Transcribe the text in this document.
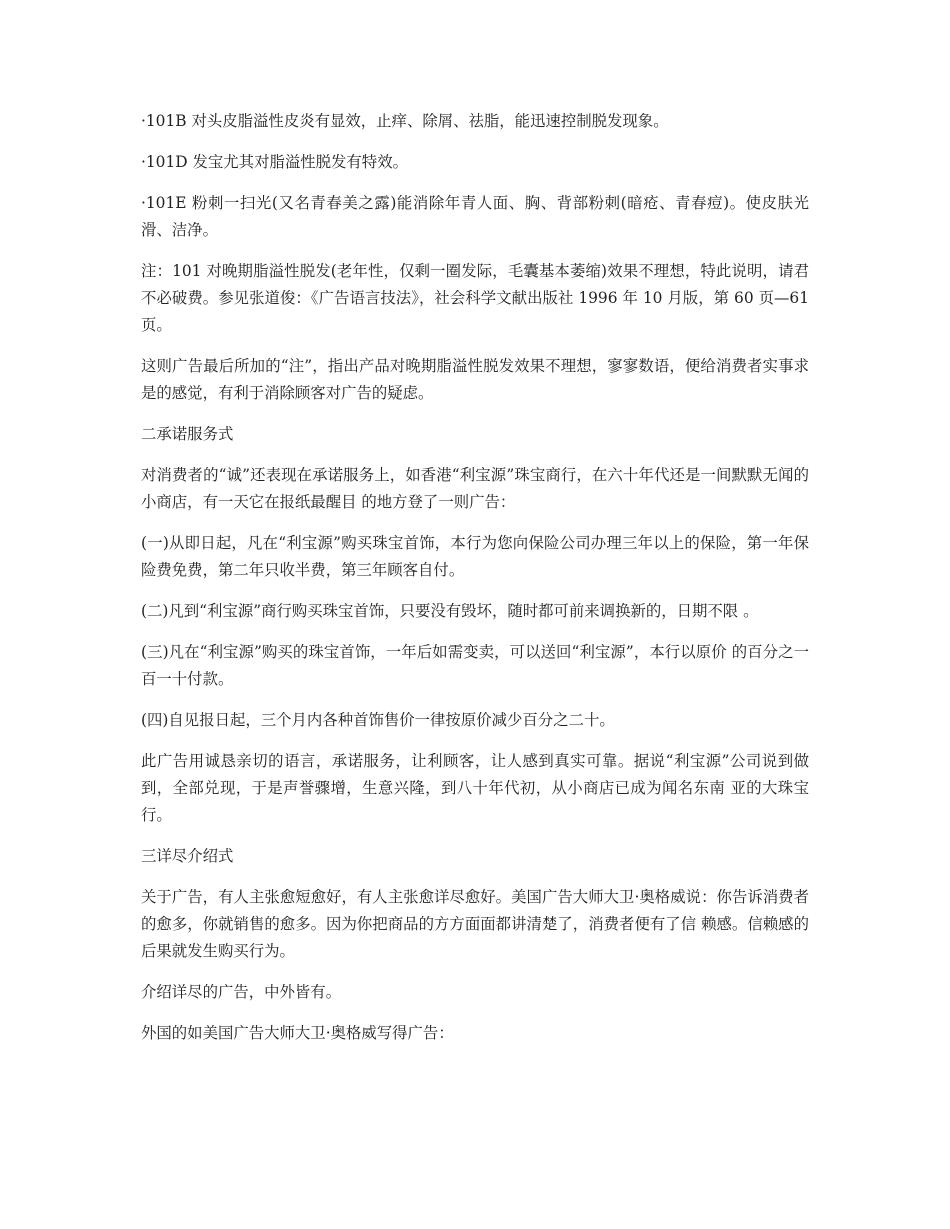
·101B 对头皮脂溢性皮炎有显效，止痒、除屑、祛脂，能迅速控制脱发现象。

·101D 发宝尤其对脂溢性脱发有特效。

·101E 粉刺一扫光(又名青春美之露)能消除年青人面、胸、背部粉刺(暗疮、青春痘)。使皮肤光滑、洁净。

注：101 对晚期脂溢性脱发(老年性，仅剩一圈发际，毛囊基本萎缩)效果不理想，特此说明，请君不必破费。参见张道俊：《广告语言技法》，社会科学文献出版社 1996 年 10 月版，第 60 页—61 页。

这则广告最后所加的“注”，指出产品对晚期脂溢性脱发效果不理想，寥寥数语，便给消费者实事求是的感觉，有利于消除顾客对广告的疑虑。

二承诺服务式

对消费者的“诚”还表现在承诺服务上，如香港“利宝源”珠宝商行，在六十年代还是一间默默无闻的小商店，有一天它在报纸最醒目 的地方登了一则广告：

(一)从即日起，凡在“利宝源”购买珠宝首饰，本行为您向保险公司办理三年以上的保险，第一年保险费免费，第二年只收半费，第三年顾客自付。

(二)凡到“利宝源”商行购买珠宝首饰，只要没有毁坏，随时都可前来调换新的，日期不限 。

(三)凡在“利宝源”购买的珠宝首饰，一年后如需变卖，可以送回“利宝源”，本行以原价 的百分之一百一十付款。

(四)自见报日起，三个月内各种首饰售价一律按原价减少百分之二十。

此广告用诚恳亲切的语言，承诺服务，让利顾客，让人感到真实可靠。据说“利宝源”公司说到做到，全部兑现，于是声誉骤增，生意兴隆，到八十年代初，从小商店已成为闻名东南 亚的大珠宝行。

三详尽介绍式

关于广告，有人主张愈短愈好，有人主张愈详尽愈好。美国广告大师大卫·奥格威说：你告诉消费者的愈多，你就销售的愈多。因为你把商品的方方面面都讲清楚了，消费者便有了信 赖感。信赖感的后果就发生购买行为。

介绍详尽的广告，中外皆有。

外国的如美国广告大师大卫·奥格威写得广告：
